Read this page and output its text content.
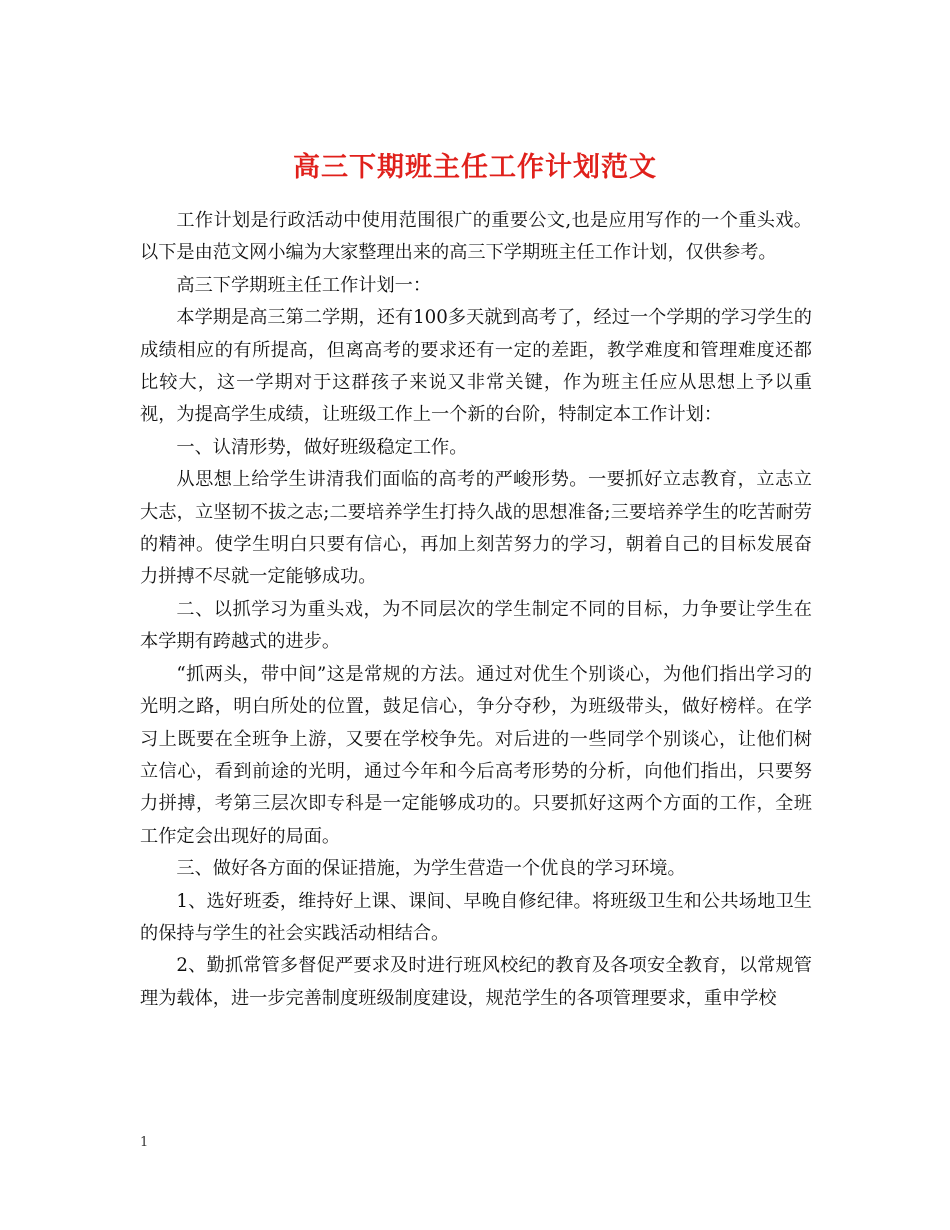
高三下期班主任工作计划范文

工作计划是行政活动中使用范围很广的重要公文,也是应用写作的一个重头戏。以下是由范文网小编为大家整理出来的高三下学期班主任工作计划，仅供参考。

高三下学期班主任工作计划一：

本学期是高三第二学期，还有100多天就到高考了，经过一个学期的学习学生的成绩相应的有所提高，但离高考的要求还有一定的差距，教学难度和管理难度还都比较大，这一学期对于这群孩子来说又非常关键，作为班主任应从思想上予以重视，为提高学生成绩，让班级工作上一个新的台阶，特制定本工作计划：

一、认清形势，做好班级稳定工作。

从思想上给学生讲清我们面临的高考的严峻形势。一要抓好立志教育，立志立大志，立坚韧不拔之志;二要培养学生打持久战的思想准备;三要培养学生的吃苦耐劳的精神。使学生明白只要有信心，再加上刻苦努力的学习，朝着自己的目标发展奋力拼搏不尽就一定能够成功。

二、以抓学习为重头戏，为不同层次的学生制定不同的目标，力争要让学生在本学期有跨越式的进步。

“抓两头，带中间”这是常规的方法。通过对优生个别谈心，为他们指出学习的光明之路，明白所处的位置，鼓足信心，争分夺秒，为班级带头，做好榜样。在学习上既要在全班争上游，又要在学校争先。对后进的一些同学个别谈心，让他们树立信心，看到前途的光明，通过今年和今后高考形势的分析，向他们指出，只要努力拼搏，考第三层次即专科是一定能够成功的。只要抓好这两个方面的工作，全班工作定会出现好的局面。

三、做好各方面的保证措施，为学生营造一个优良的学习环境。

1、选好班委，维持好上课、课间、早晚自修纪律。将班级卫生和公共场地卫生的保持与学生的社会实践活动相结合。

2、勤抓常管多督促严要求及时进行班风校纪的教育及各项安全教育，以常规管理为载体，进一步完善制度班级制度建设，规范学生的各项管理要求，重申学校

1
